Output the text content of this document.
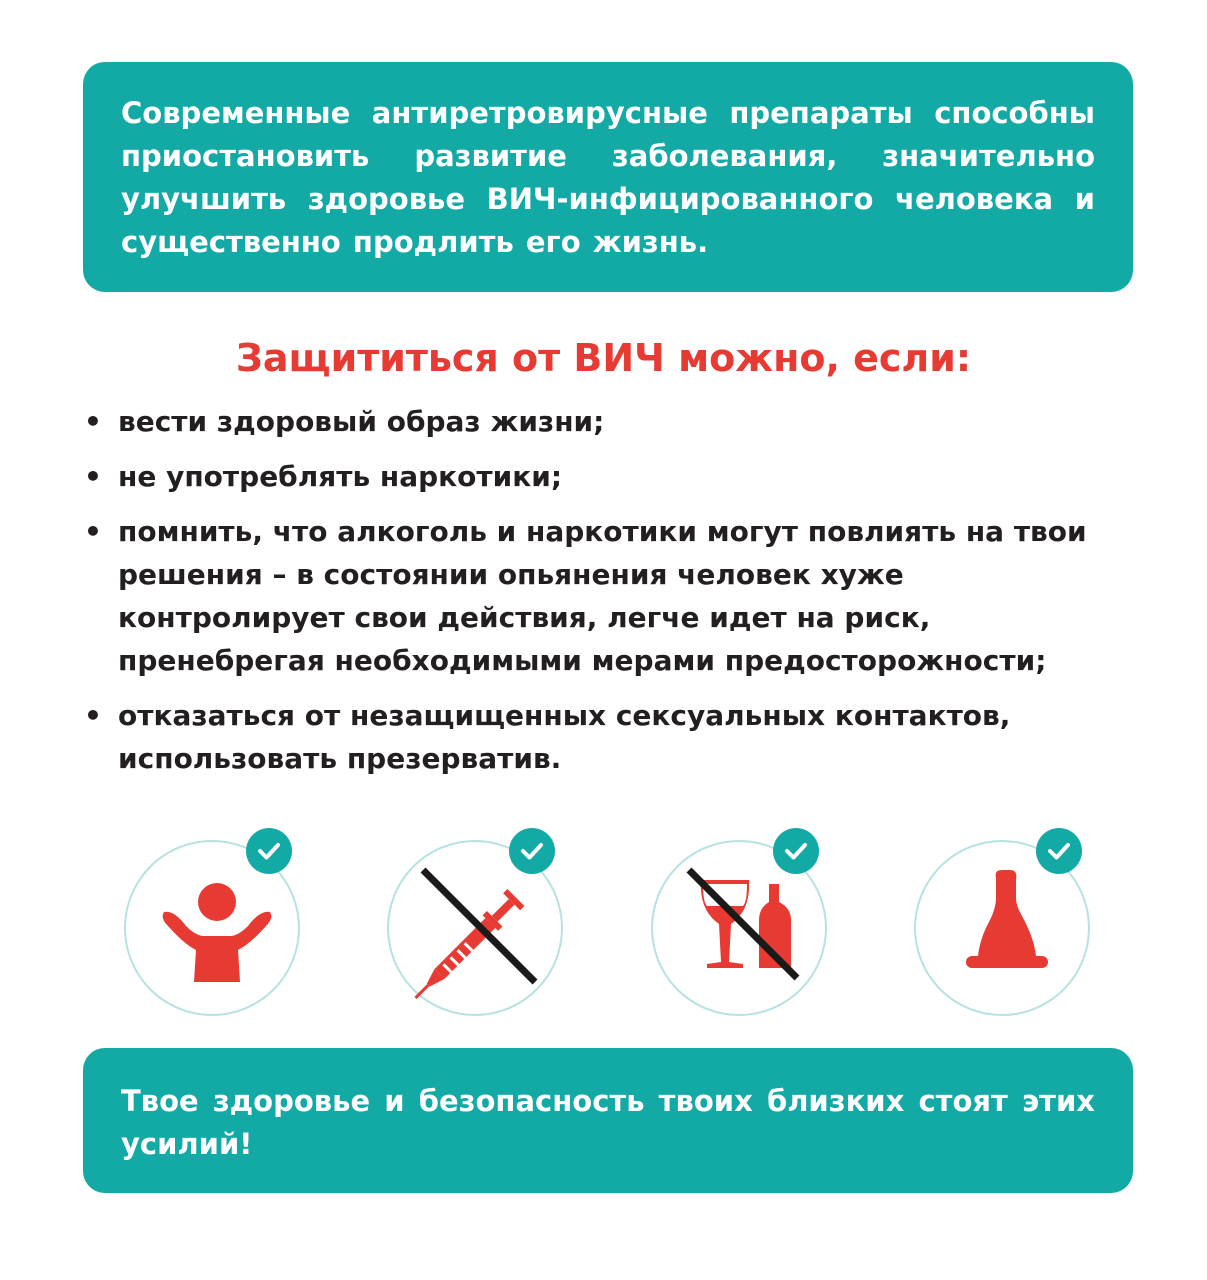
Современные антиретровирусные препараты способны приостановить развитие заболевания, значительно улучшить здоровье ВИЧ-инфицированного человека и существенно продлить его жизнь.
Защититься от ВИЧ можно, если:
• вести здоровый образ жизни;
• не употреблять наркотики;
• помнить, что алкоголь и наркотики могут повлиять на твои решения – в состоянии опьянения человек хуже контролирует свои действия, легче идет на риск, пренебрегая необходимыми мерами предосторожности;
• отказаться от незащищенных сексуальных контактов, использовать презерватив.
Твое здоровье и безопасность твоих близких стоят этих усилий!
